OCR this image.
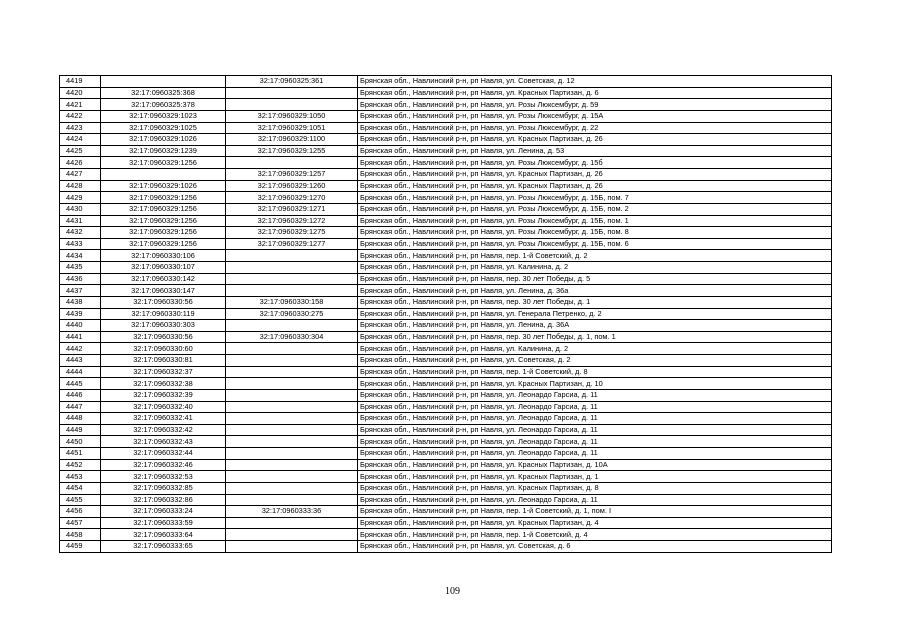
4419		32:17:0960325:361	Брянская обл., Навлинский р-н, рп Навля, ул. Советская, д. 12
4420	32:17:0960325:368		Брянская обл., Навлинский р-н, рп Навля, ул. Красных Партизан, д. 6
4421	32:17:0960325:378		Брянская обл., Навлинский р-н, рп Навля, ул. Розы Люксембург, д. 59
4422	32:17:0960329:1023	32:17:0960329:1050	Брянская обл., Навлинский р-н, рп Навля, ул. Розы Люксембург, д. 15А
4423	32:17:0960329:1025	32:17:0960329:1051	Брянская обл., Навлинский р-н, рп Навля, ул. Розы Люксембург, д. 22
4424	32:17:0960329:1026	32:17:0960329:1100	Брянская обл., Навлинский р-н, рп Навля, ул. Красных Партизан, д. 26
4425	32:17:0960329:1239	32:17:0960329:1255	Брянская обл., Навлинский р-н, рп Навля, ул. Ленина, д. 53
4426	32:17:0960329:1256		Брянская обл., Навлинский р-н, рп Навля, ул. Розы Люксембург, д. 15б
4427		32:17:0960329:1257	Брянская обл., Навлинский р-н, рп Навля, ул. Красных Партизан, д. 26
4428	32:17:0960329:1026	32:17:0960329:1260	Брянская обл., Навлинский р-н, рп Навля, ул. Красных Партизан, д. 26
4429	32:17:0960329:1256	32:17:0960329:1270	Брянская обл., Навлинский р-н, рп Навля, ул. Розы Люксембург, д. 15Б, пом. 7
4430	32:17:0960329:1256	32:17:0960329:1271	Брянская обл., Навлинский р-н, рп Навля, ул. Розы Люксембург, д. 15Б, пом. 2
4431	32:17:0960329:1256	32:17:0960329:1272	Брянская обл., Навлинский р-н, рп Навля, ул. Розы Люксембург, д. 15Б, пом. 1
4432	32:17:0960329:1256	32:17:0960329:1275	Брянская обл., Навлинский р-н, рп Навля, ул. Розы Люксембург, д. 15Б, пом. 8
4433	32:17:0960329:1256	32:17:0960329:1277	Брянская обл., Навлинский р-н, рп Навля, ул. Розы Люксембург, д. 15Б, пом. 6
4434	32:17:0960330:106		Брянская обл., Навлинский р-н, рп Навля, пер. 1-й Советский, д. 2
4435	32:17:0960330:107		Брянская обл., Навлинский р-н, рп Навля, ул. Калинина, д. 2
4436	32:17:0960330:142		Брянская обл., Навлинский р-н, рп Навля, пер. 30 лет Победы, д. 5
4437	32:17:0960330:147		Брянская обл., Навлинский р-н, рп Навля, ул. Ленина, д. 36а
4438	32:17:0960330:56	32:17:0960330:158	Брянская обл., Навлинский р-н, рп Навля, пер. 30 лет Победы, д. 1
4439	32:17:0960330:119	32:17:0960330:275	Брянская обл., Навлинский р-н, рп Навля, ул. Генерала Петренко, д. 2
4440	32:17:0960330:303		Брянская обл., Навлинский р-н, рп Навля, ул. Ленина, д. 36А
4441	32:17:0960330:56	32:17:0960330:304	Брянская обл., Навлинский р-н, рп Навля, пер. 30 лет Победы, д. 1, пом. 1
4442	32:17:0960330:60		Брянская обл., Навлинский р-н, рп Навля, ул. Калинина, д. 2
4443	32:17:0960330:81		Брянская обл., Навлинский р-н, рп Навля, ул. Советская, д. 2
4444	32:17:0960332:37		Брянская обл., Навлинский р-н, рп Навля, пер. 1-й Советский, д. 8
4445	32:17:0960332:38		Брянская обл., Навлинский р-н, рп Навля, ул. Красных Партизан, д. 10
4446	32:17:0960332:39		Брянская обл., Навлинский р-н, рп Навля, ул. Леонардо Гарсиа, д. 11
4447	32:17:0960332:40		Брянская обл., Навлинский р-н, рп Навля, ул. Леонардо Гарсиа, д. 11
4448	32:17:0960332:41		Брянская обл., Навлинский р-н, рп Навля, ул. Леонардо Гарсиа, д. 11
4449	32:17:0960332:42		Брянская обл., Навлинский р-н, рп Навля, ул. Леонардо Гарсиа, д. 11
4450	32:17:0960332:43		Брянская обл., Навлинский р-н, рп Навля, ул. Леонардо Гарсиа, д. 11
4451	32:17:0960332:44		Брянская обл., Навлинский р-н, рп Навля, ул. Леонардо Гарсиа, д. 11
4452	32:17:0960332:46		Брянская обл., Навлинский р-н, рп Навля, ул. Красных Партизан, д. 10А
4453	32:17:0960332:53		Брянская обл., Навлинский р-н, рп Навля, ул. Красных Партизан, д. 1
4454	32:17:0960332:85		Брянская обл., Навлинский р-н, рп Навля, ул. Красных Партизан, д. 8
4455	32:17:0960332:86		Брянская обл., Навлинский р-н, рп Навля, ул. Леонардо Гарсиа, д. 11
4456	32:17:0960333:24	32:17:0960333:36	Брянская обл., Навлинский р-н, рп Навля, пер. 1-й Советский, д. 1, пом. I
4457	32:17:0960333:59		Брянская обл., Навлинский р-н, рп Навля, ул. Красных Партизан, д. 4
4458	32:17:0960333:64		Брянская обл., Навлинский р-н, рп Навля, пер. 1-й Советский, д. 4
4459	32:17:0960333:65		Брянская обл., Навлинский р-н, рп Навля, ул. Советская, д. 6
109
